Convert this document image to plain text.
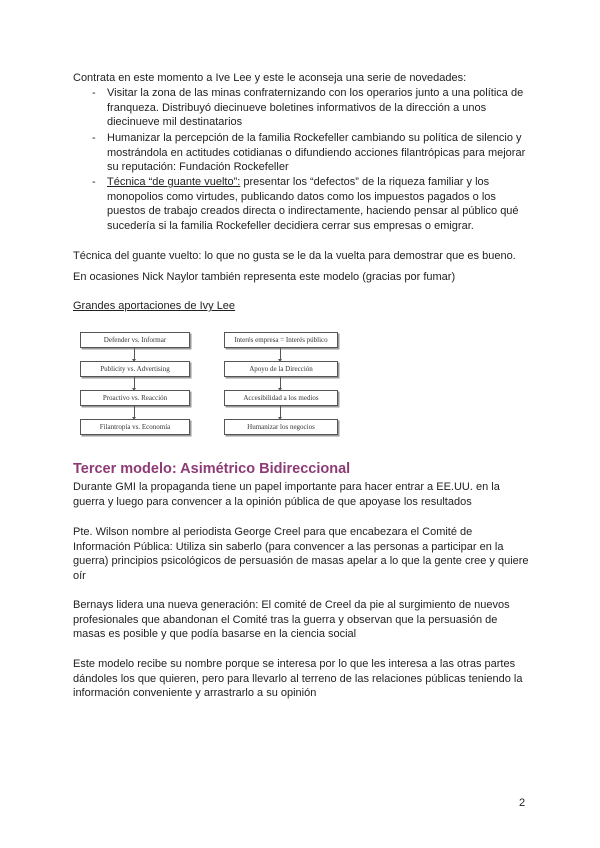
Contrata en este momento a Ive Lee y este le aconseja una serie de novedades:

- Visitar la zona de las minas confraternizando con los operarios junto a una política de franqueza. Distribuyó diecinueve boletines informativos de la dirección a unos diecinueve mil destinatarios
- Humanizar la percepción de la familia Rockefeller cambiando su política de silencio y mostrándola en actitudes cotidianas o difundiendo acciones filantrópicas para mejorar su reputación: Fundación Rockefeller
- Técnica “de guante vuelto”: presentar los “defectos” de la riqueza familiar y los monopolios como virtudes, publicando datos como los impuestos pagados o los puestos de trabajo creados directa o indirectamente, haciendo pensar al público qué sucedería si la familia Rockefeller decidiera cerrar sus empresas o emigrar.

Técnica del guante vuelto: lo que no gusta se le da la vuelta para demostrar que es bueno.

En ocasiones Nick Naylor también representa este modelo (gracias por fumar)

Grandes aportaciones de Ivy Lee

Defender vs. Informar
Publicity vs. Advertising
Proactivo vs. Reacción
Filantropía vs. Economía
Interés empresa = Interés público
Apoyo de la Dirección
Accesibilidad a los medios
Humanizar los negocios
Tercer modelo: Asimétrico Bidireccional

Durante GMI la propaganda tiene un papel importante para hacer entrar a EE.UU. en la guerra y luego para convencer a la opinión pública de que apoyase los resultados

Pte. Wilson nombre al periodista George Creel para que encabezara el Comité de Información Pública: Utiliza sin saberlo (para convencer a las personas a participar en la guerra) principios psicológicos de persuasión de masas apelar a lo que la gente cree y quiere oír

Bernays lidera una nueva generación: El comité de Creel da pie al surgimiento de nuevos profesionales que abandonan el Comité tras la guerra y observan que la persuasión de masas es posible y que podía basarse en la ciencia social

Este modelo recibe su nombre porque se interesa por lo que les interesa a las otras partes dándoles los que quieren, pero para llevarlo al terreno de las relaciones públicas teniendo la información conveniente y arrastrarlo a su opinión

2
